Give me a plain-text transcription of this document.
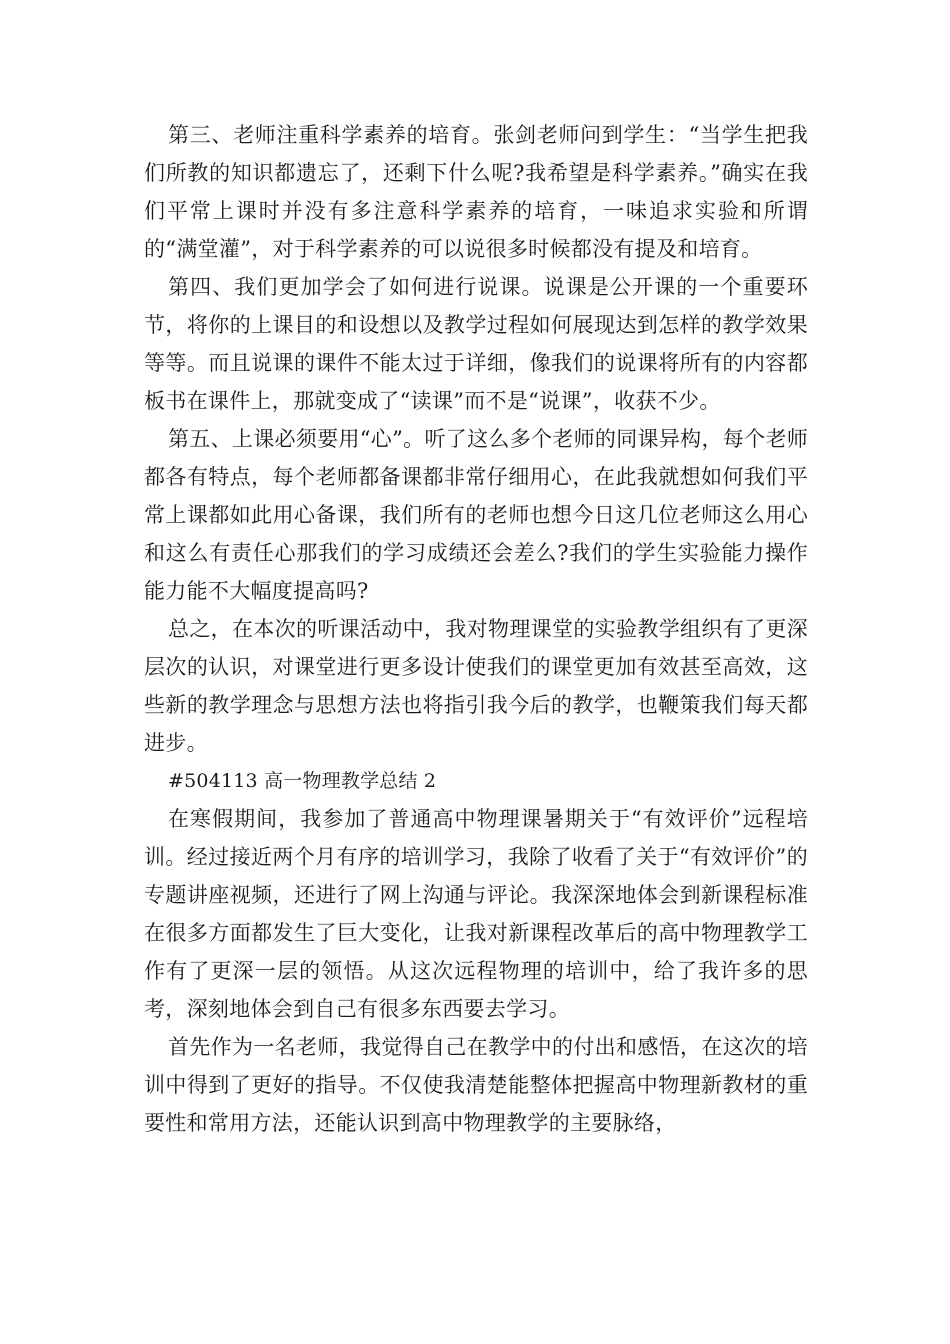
第三、老师注重科学素养的培育。张剑老师问到学生：“当学生把我们所教的知识都遗忘了，还剩下什么呢?我希望是科学素养。”确实在我们平常上课时并没有多注意科学素养的培育，一味追求实验和所谓的“满堂灌”，对于科学素养的可以说很多时候都没有提及和培育。

第四、我们更加学会了如何进行说课。说课是公开课的一个重要环节，将你的上课目的和设想以及教学过程如何展现达到怎样的教学效果等等。而且说课的课件不能太过于详细，像我们的说课将所有的内容都板书在课件上，那就变成了“读课”而不是“说课”，收获不少。

第五、上课必须要用“心”。听了这么多个老师的同课异构，每个老师都各有特点，每个老师都备课都非常仔细用心，在此我就想如何我们平常上课都如此用心备课，我们所有的老师也想今日这几位老师这么用心和这么有责任心那我们的学习成绩还会差么?我们的学生实验能力操作能力能不大幅度提高吗?

总之，在本次的听课活动中，我对物理课堂的实验教学组织有了更深层次的认识，对课堂进行更多设计使我们的课堂更加有效甚至高效，这些新的教学理念与思想方法也将指引我今后的教学，也鞭策我们每天都进步。

#504113 高一物理教学总结 2

在寒假期间，我参加了普通高中物理课暑期关于“有效评价”远程培训。经过接近两个月有序的培训学习，我除了收看了关于“有效评价”的专题讲座视频，还进行了网上沟通与评论。我深深地体会到新课程标准在很多方面都发生了巨大变化，让我对新课程改革后的高中物理教学工作有了更深一层的领悟。从这次远程物理的培训中，给了我许多的思考，深刻地体会到自己有很多东西要去学习。

首先作为一名老师，我觉得自己在教学中的付出和感悟，在这次的培训中得到了更好的指导。不仅使我清楚能整体把握高中物理新教材的重要性和常用方法，还能认识到高中物理教学的主要脉络，
